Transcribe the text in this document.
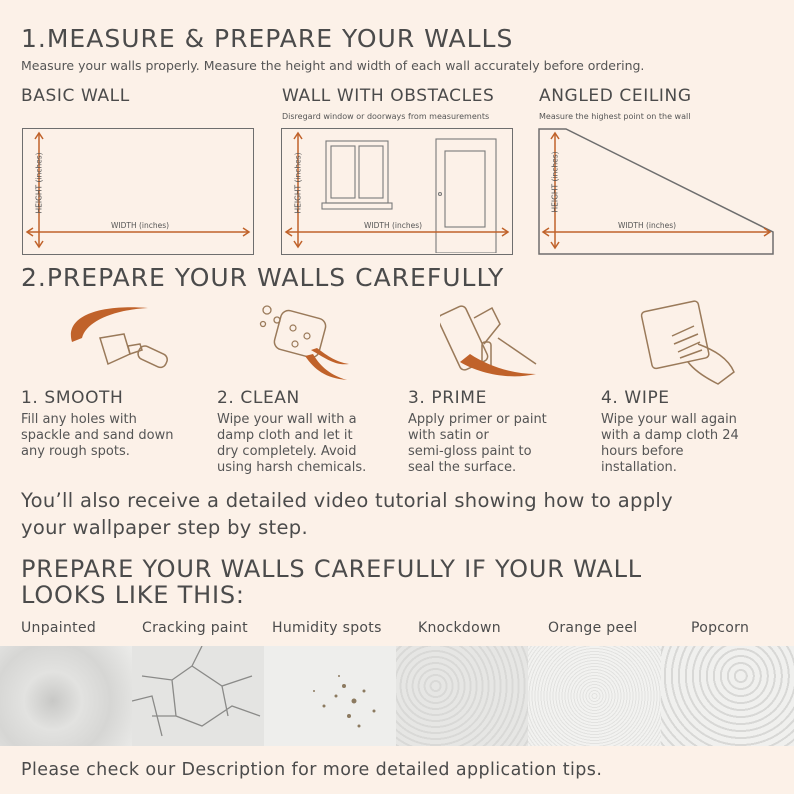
1.MEASURE & PREPARE YOUR WALLS
Measure your walls properly. Measure the height and width of each wall accurately before ordering.
BASIC WALL
HEIGHT (inches)
WIDTH (inches)
WALL WITH OBSTACLES
Disregard window or doorways from measurements
HEIGHT (inches)
WIDTH (inches)
ANGLED CEILING
Measure the highest point on the wall
HEIGHT (inches)
WIDTH (inches)
2.PREPARE YOUR WALLS CAREFULLY
1. SMOOTH
Fill any holes with
spackle and sand down
any rough spots.
2. CLEAN
Wipe your wall with a
damp cloth and let it
dry completely. Avoid
using harsh chemicals.
3. PRIME
Apply primer or paint
with satin or
semi-gloss paint to
seal the surface.
4. WIPE
Wipe your wall again
with a damp cloth 24
hours before
installation.
You’ll also receive a detailed video tutorial showing how to apply
your wallpaper step by step.
PREPARE YOUR WALLS CAREFULLY IF YOUR WALL
LOOKS LIKE THIS:
Unpainted	Cracking paint Humidity spots	Knockdown	Orange peel	Popcorn
Please check our Description for more detailed application tips.
